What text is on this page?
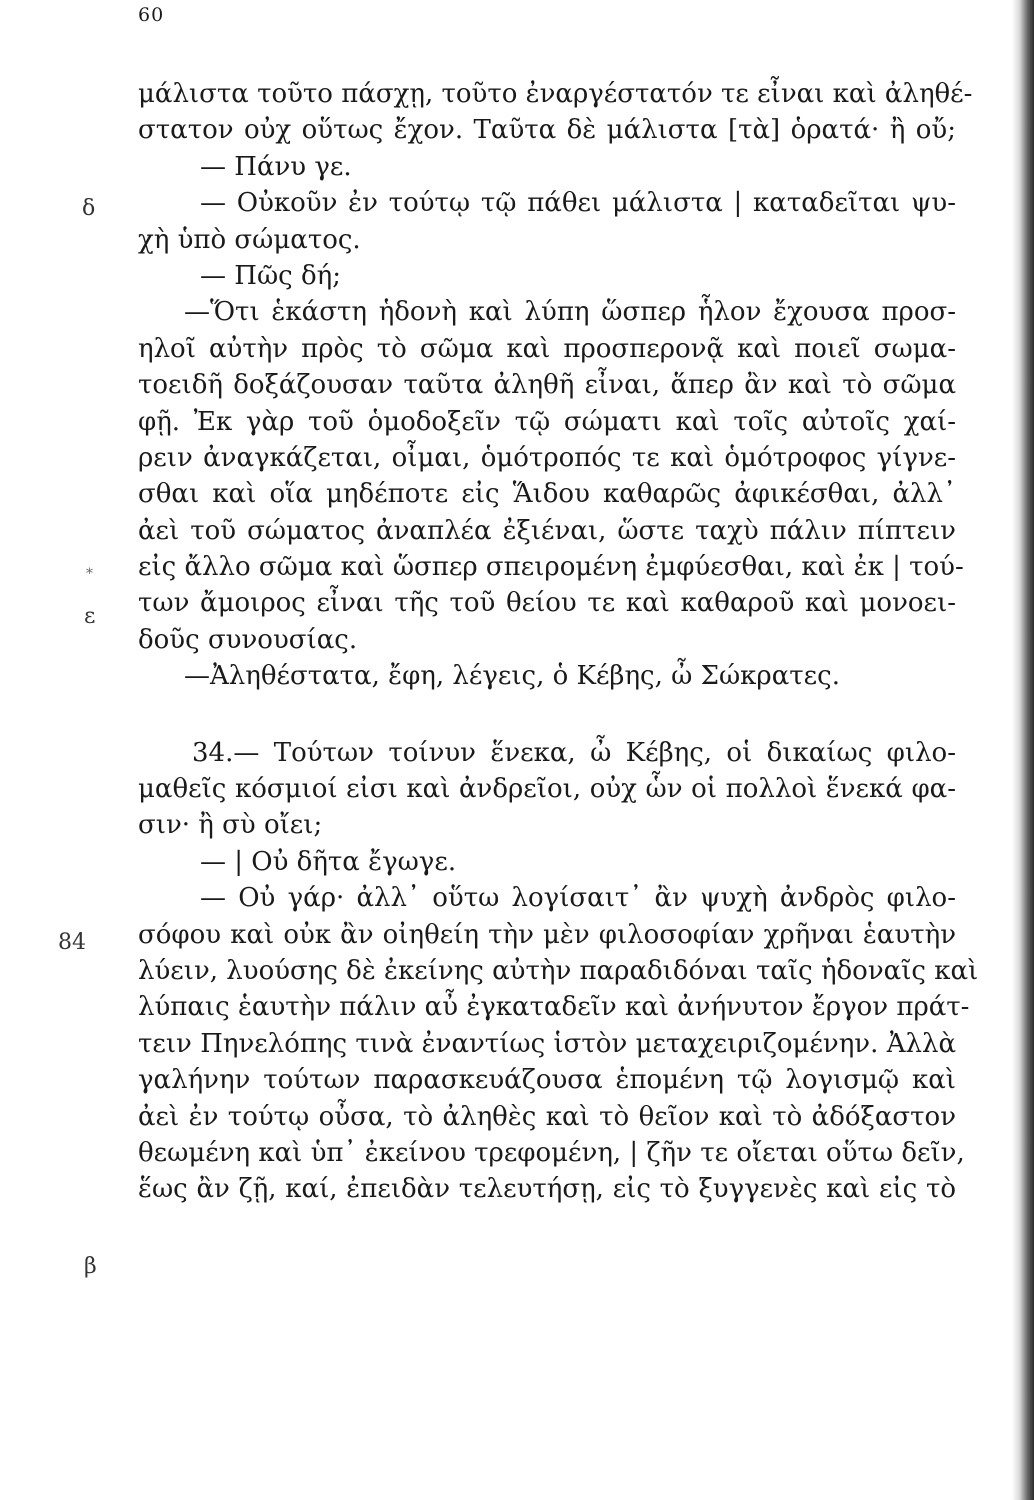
60
δ
*
ε
84
β
μάλιστα τοῦτο πάσχῃ, τοῦτο ἐναργέστατόν τε εἶναι καὶ ἀληθέ-
στατον οὐχ οὕτως ἔχον. Ταῦτα δὲ μάλιστα [τὰ] ὁρατά· ἢ οὔ;
— Πάνυ γε.
— Οὐκοῦν ἐν τούτῳ τῷ πάθει μάλιστα | καταδεῖται ψυ-
χὴ ὑπὸ σώματος.
— Πῶς δή;
—Ὅτι ἑκάστη ἡδονὴ καὶ λύπη ὥσπερ ἧλον ἔχουσα προσ-
ηλοῖ αὐτὴν πρὸς τὸ σῶμα καὶ προσπερονᾷ καὶ ποιεῖ σωμα-
τοειδῆ δοξάζουσαν ταῦτα ἀληθῆ εἶναι, ἅπερ ἂν καὶ τὸ σῶμα
φῇ. Ἐκ γὰρ τοῦ ὁμοδοξεῖν τῷ σώματι καὶ τοῖς αὐτοῖς χαί-
ρειν ἀναγκάζεται, οἶμαι, ὁμότροπός τε καὶ ὁμότροφος γίγνε-
σθαι καὶ οἵα μηδέποτε εἰς Ἅιδου καθαρῶς ἀφικέσθαι, ἀλλ᾽
ἀεὶ τοῦ σώματος ἀναπλέα ἐξιέναι, ὥστε ταχὺ πάλιν πίπτειν
εἰς ἄλλο σῶμα καὶ ὥσπερ σπειρομένη ἐμφύεσθαι, καὶ ἐκ | τού-
των ἄμοιρος εἶναι τῆς τοῦ θείου τε καὶ καθαροῦ καὶ μονοει-
δοῦς συνουσίας.
—Ἀληθέστατα, ἔφη, λέγεις, ὁ Κέβης, ὦ Σώκρατες.
34.— Τούτων τοίνυν ἕνεκα, ὦ Κέβης, οἱ δικαίως φιλο-
μαθεῖς κόσμιοί εἰσι καὶ ἀνδρεῖοι, οὐχ ὧν οἱ πολλοὶ ἕνεκά φα-
σιν· ἢ σὺ οἴει;
— | Οὐ δῆτα ἔγωγε.
— Οὐ γάρ· ἀλλ᾽ οὕτω λογίσαιτ᾽ ἂν ψυχὴ ἀνδρὸς φιλο-
σόφου καὶ οὐκ ἂν οἰηθείη τὴν μὲν φιλοσοφίαν χρῆναι ἑαυτὴν
λύειν, λυούσης δὲ ἐκείνης αὐτὴν παραδιδόναι ταῖς ἡδοναῖς καὶ
λύπαις ἑαυτὴν πάλιν αὖ ἐγκαταδεῖν καὶ ἀνήνυτον ἔργον πράτ-
τειν Πηνελόπης τινὰ ἐναντίως ἱστὸν μεταχειριζομένην. Ἀλλὰ
γαλήνην τούτων παρασκευάζουσα ἑπομένη τῷ λογισμῷ καὶ
ἀεὶ ἐν τούτῳ οὖσα, τὸ ἀληθὲς καὶ τὸ θεῖον καὶ τὸ ἀδόξαστον
θεωμένη καὶ ὑπ᾽ ἐκείνου τρεφομένη, | ζῆν τε οἴεται οὕτω δεῖν,
ἕως ἂν ζῇ, καί, ἐπειδὰν τελευτήσῃ, εἰς τὸ ξυγγενὲς καὶ εἰς τὸ
